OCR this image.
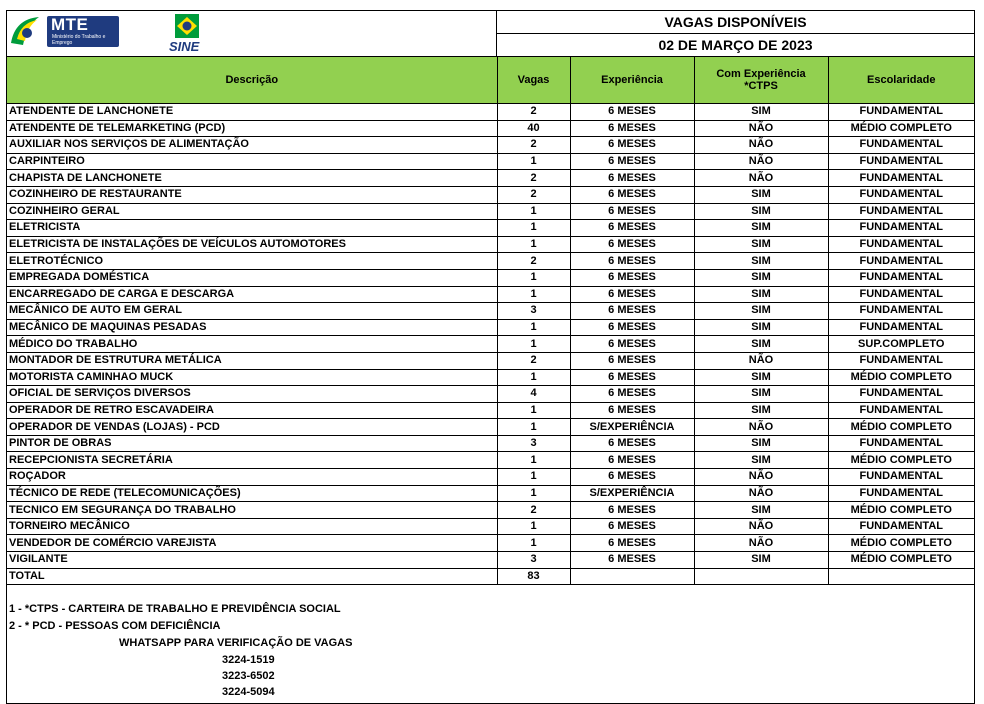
MTE
Ministério do Trabalho e Emprego	SINE
VAGAS DISPONÍVEIS
02 DE MARÇO DE 2023
Descrição	Vagas	Experiência	Com Experiência *CTPS	Escolaridade
ATENDENTE DE LANCHONETE	2	6 MESES	SIM	FUNDAMENTAL
ATENDENTE DE TELEMARKETING (PCD)	40	6 MESES	NÃO	MÉDIO COMPLETO
AUXILIAR NOS SERVIÇOS DE ALIMENTAÇÃO	2	6 MESES	NÃO	FUNDAMENTAL
CARPINTEIRO	1	6 MESES	NÃO	FUNDAMENTAL
CHAPISTA DE LANCHONETE	2	6 MESES	NÃO	FUNDAMENTAL
COZINHEIRO DE RESTAURANTE	2	6 MESES	SIM	FUNDAMENTAL
COZINHEIRO GERAL	1	6 MESES	SIM	FUNDAMENTAL
ELETRICISTA	1	6 MESES	SIM	FUNDAMENTAL
ELETRICISTA DE INSTALAÇÕES DE VEÍCULOS AUTOMOTORES	1	6 MESES	SIM	FUNDAMENTAL
ELETROTÉCNICO	2	6 MESES	SIM	FUNDAMENTAL
EMPREGADA DOMÉSTICA	1	6 MESES	SIM	FUNDAMENTAL
ENCARREGADO DE CARGA E DESCARGA	1	6 MESES	SIM	FUNDAMENTAL
MECÂNICO DE AUTO EM GERAL	3	6 MESES	SIM	FUNDAMENTAL
MECÂNICO DE MAQUINAS PESADAS	1	6 MESES	SIM	FUNDAMENTAL
MÉDICO DO TRABALHO	1	6 MESES	SIM	SUP.COMPLETO
MONTADOR DE ESTRUTURA METÁLICA	2	6 MESES	NÃO	FUNDAMENTAL
MOTORISTA CAMINHAO MUCK	1	6 MESES	SIM	MÉDIO COMPLETO
OFICIAL DE SERVIÇOS DIVERSOS	4	6 MESES	SIM	FUNDAMENTAL
OPERADOR DE RETRO ESCAVADEIRA	1	6 MESES	SIM	FUNDAMENTAL
OPERADOR DE VENDAS (LOJAS) - PCD	1	S/EXPERIÊNCIA	NÃO	MÉDIO COMPLETO
PINTOR DE OBRAS	3	6 MESES	SIM	FUNDAMENTAL
RECEPCIONISTA SECRETÁRIA	1	6 MESES	SIM	MÉDIO COMPLETO
ROÇADOR	1	6 MESES	NÃO	FUNDAMENTAL
TÉCNICO DE REDE (TELECOMUNICAÇÕES)	1	S/EXPERIÊNCIA	NÃO	FUNDAMENTAL
TECNICO EM SEGURANÇA DO TRABALHO	2	6 MESES	SIM	MÉDIO COMPLETO
TORNEIRO MECÂNICO	1	6 MESES	NÃO	FUNDAMENTAL
VENDEDOR DE COMÉRCIO VAREJISTA	1	6 MESES	NÃO	MÉDIO COMPLETO
VIGILANTE	3	6 MESES	SIM	MÉDIO COMPLETO
TOTAL	83			
1 - *CTPS - CARTEIRA DE TRABALHO E PREVIDÊNCIA SOCIAL
2 - * PCD - PESSOAS COM DEFICIÊNCIA
WHATSAPP PARA VERIFICAÇÃO DE VAGAS
3224-1519
3223-6502
3224-5094
